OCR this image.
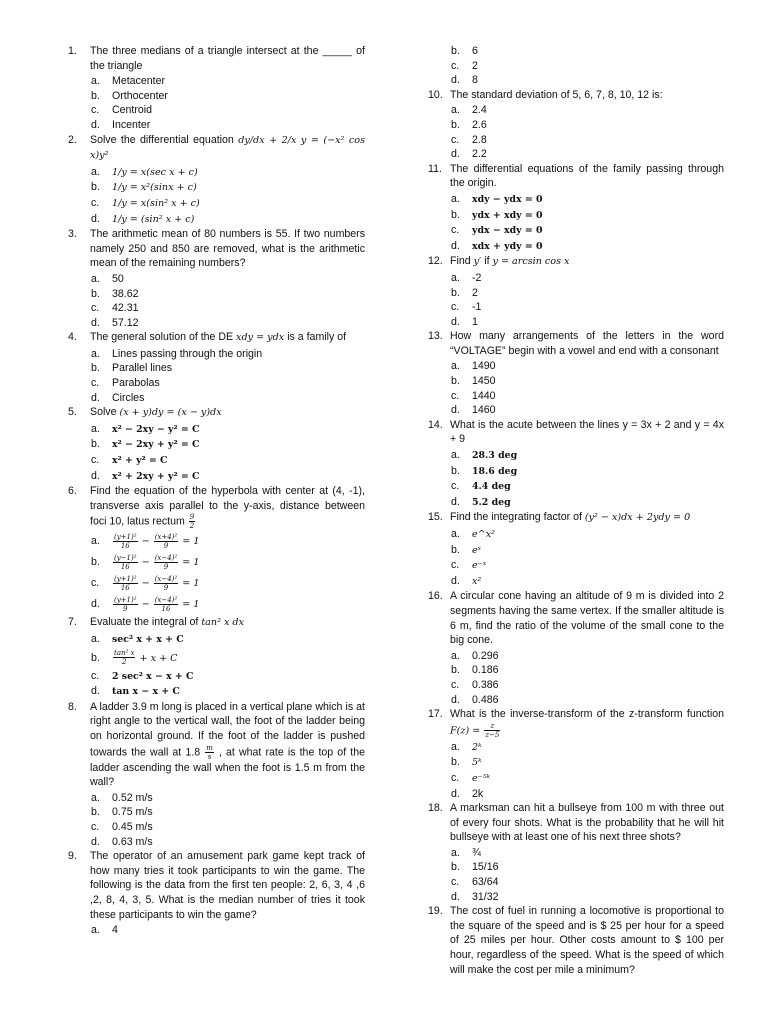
1. The three medians of a triangle intersect at the _____ of the triangle
a. Metacenter
b. Orthocenter
c. Centroid
d. Incenter
2. Solve the differential equation dy/dx + 2/x y = (−x² cos x)y²
a. 1/y = x(sec x + c)
b. 1/y = x²(sinx + c)
c. 1/y = x(sin² x + c)
d. 1/y = (sin² x + c)
3. The arithmetic mean of 80 numbers is 55. If two numbers namely 250 and 850 are removed, what is the arithmetic mean of the remaining numbers?
a. 50
b. 38.62
c. 42.31
d. 57.12
4. The general solution of the DE xdy = ydx is a family of
a. Lines passing through the origin
b. Parallel lines
c. Parabolas
d. Circles
5. Solve (x + y)dy = (x − y)dx
a. x² − 2xy − y² = C
b. x² − 2xy + y² = C
c. x² + y² = C
d. x² + 2xy + y² = C
6. Find the equation of the hyperbola with center at (4, -1), transverse axis parallel to the y-axis, distance between foci 10, latus rectum $\frac{9}{2}$
a. $\frac{\text{(y+1)²}}{16} - \frac{\text{(x+4)²}}{9} = 1$
b. $\frac{\text{(y−1)²}}{16} - \frac{\text{(x−4)²}}{9} = 1$
c. $\frac{\text{(y+1)²}}{16} - \frac{\text{(x−4)²}}{9} = 1$
d. $\frac{\text{(y+1)²}}{9} - \frac{\text{(x−4)²}}{16} = 1$
7. Evaluate the integral of tan² x dx
a. sec² x + x + C
b. $\frac{\text{tan² x}}{2} + x + C$
c. 2 sec² x − x + C
d. tan x − x + C
8. A ladder 3.9 m long is placed in a vertical plane which is at right angle to the vertical wall, the foot of the ladder being on horizontal ground. If the foot of the ladder is pushed towards the wall at $1.8 \frac{m}{s}$ , at what rate is the top of the ladder ascending the wall when the foot is 1.5 m from the wall?
a. 0.52 m/s
b. 0.75 m/s
c. 0.45 m/s
d. 0.63 m/s
9. The operator of an amusement park game kept track of how many tries it took participants to win the game. The following is the data from the first ten people: 2, 6, 3, 4 ,6 ,2, 8, 4, 3, 5. What is the median number of tries it took these participants to win the game?
a. 4
b. 6
c. 2
d. 8
10. The standard deviation of 5, 6, 7, 8, 10, 12 is:
a. 2.4
b. 2.6
c. 2.8
d. 2.2
11. The differential equations of the family passing through the origin.
a. xdy − ydx = 0
b. ydx + xdy = 0
c. ydx − xdy = 0
d. xdx + ydy = 0
12. Find y′ if y = arcsin cos x
a. -2
b. 2
c. -1
d. 1
13. How many arrangements of the letters in the word “VOLTAGE” begin with a vowel and end with a consonant
a. 1490
b. 1450
c. 1440
d. 1460
14. What is the acute between the lines y = 3x + 2 and y = 4x + 9
a. 28.3 deg
b. 18.6 deg
c. 4.4 deg
d. 5.2 deg
15. Find the integrating factor of (y² − x)dx + 2ydy = 0
a. e^x²
b. eˣ
c. e⁻ˣ
d. x²
16. A circular cone having an altitude of 9 m is divided into 2 segments having the same vertex. If the smaller altitude is 6 m, find the ratio of the volume of the small cone to the big cone.
a. 0.296
b. 0.186
c. 0.386
d. 0.486
17. What is the inverse-transform of the z-transform function $F(z) = \frac{z}{z-5}$
a. 2ᵏ
b. 5ᵏ
c. e⁻⁵ᵏ
d. 2k
18. A marksman can hit a bullseye from 100 m with three out of every four shots. What is the probability that he will hit bullseye with at least one of his next three shots?
a. ¾
b. 15/16
c. 63/64
d. 31/32
19. The cost of fuel in running a locomotive is proportional to the square of the speed and is $ 25 per hour for a speed of 25 miles per hour. Other costs amount to $ 100 per hour, regardless of the speed. What is the speed of which will make the cost per mile a minimum?
